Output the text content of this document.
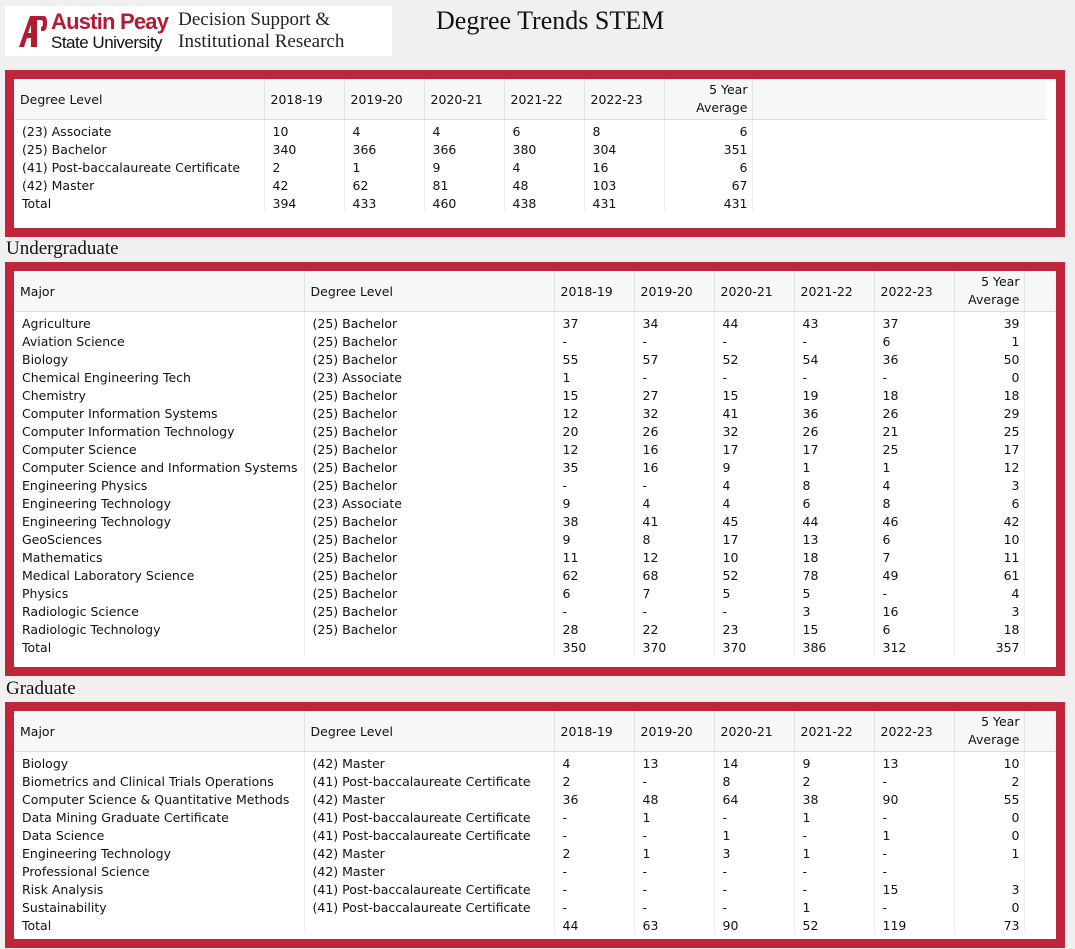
Austin Peay
State University
Decision Support &
Institutional Research
Degree Trends STEM
Degree Level	2018-19	2019-20	2020-21	2021-22	2022-23	5 Year
Average	
(23) Associate	10	4	4	6	8	6	
(25) Bachelor	340	366	366	380	304	351	
(41) Post-baccalaureate Certificate	2	1	9	4	16	6	
(42) Master	42	62	81	48	103	67	
Total	394	433	460	438	431	431	
Undergraduate
Major	Degree Level	2018-19	2019-20	2020-21	2021-22	2022-23	5 Year
Average	
Agriculture	(25) Bachelor	37	34	44	43	37	39	
Aviation Science	(25) Bachelor	-	-	-	-	6	1	
Biology	(25) Bachelor	55	57	52	54	36	50	
Chemical Engineering Tech	(23) Associate	1	-	-	-	-	0	
Chemistry	(25) Bachelor	15	27	15	19	18	18	
Computer Information Systems	(25) Bachelor	12	32	41	36	26	29	
Computer Information Technology	(25) Bachelor	20	26	32	26	21	25	
Computer Science	(25) Bachelor	12	16	17	17	25	17	
Computer Science and Information Systems	(25) Bachelor	35	16	9	1	1	12	
Engineering Physics	(25) Bachelor	-	-	4	8	4	3	
Engineering Technology	(23) Associate	9	4	4	6	8	6	
Engineering Technology	(25) Bachelor	38	41	45	44	46	42	
GeoSciences	(25) Bachelor	9	8	17	13	6	10	
Mathematics	(25) Bachelor	11	12	10	18	7	11	
Medical Laboratory Science	(25) Bachelor	62	68	52	78	49	61	
Physics	(25) Bachelor	6	7	5	5	-	4	
Radiologic Science	(25) Bachelor	-	-	-	3	16	3	
Radiologic Technology	(25) Bachelor	28	22	23	15	6	18	
Total		350	370	370	386	312	357	
Graduate
Major	Degree Level	2018-19	2019-20	2020-21	2021-22	2022-23	5 Year
Average	
Biology	(42) Master	4	13	14	9	13	10	
Biometrics and Clinical Trials Operations	(41) Post-baccalaureate Certificate	2	-	8	2	-	2	
Computer Science & Quantitative Methods	(42) Master	36	48	64	38	90	55	
Data Mining Graduate Certificate	(41) Post-baccalaureate Certificate	-	1	-	1	-	0	
Data Science	(41) Post-baccalaureate Certificate	-	-	1	-	1	0	
Engineering Technology	(42) Master	2	1	3	1	-	1	
Professional Science	(42) Master	-	-	-	-	-		
Risk Analysis	(41) Post-baccalaureate Certificate	-	-	-	-	15	3	
Sustainability	(41) Post-baccalaureate Certificate	-	-	-	1	-	0	
Total		44	63	90	52	119	73	
